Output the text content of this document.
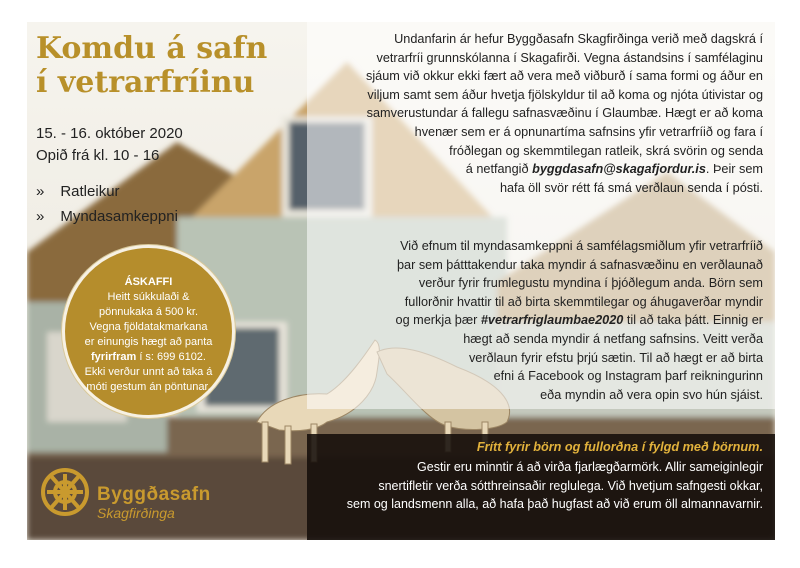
Komdu á safn
í vetrarfríinu
15. - 16. október 2020
Opið frá kl. 10 - 16
» Ratleikur
» Myndasamkeppni
ÁSKAFFI
Heitt súkkulaði &
pönnukaka á 500 kr.
Vegna fjöldatakmarkana
er einungis hægt að panta
fyrirfram í s: 699 6102.
Ekki verður unnt að taka á
móti gestum án pöntunar.

Undanfarin ár hefur Byggðasafn Skagfirðinga verið með dagskrá í
vetrarfríi grunnskólanna í Skagafirði. Vegna ástandsins í samfélaginu
sjáum við okkur ekki fært að vera með viðburð í sama formi og áður en
viljum samt sem áður hvetja fjölskyldur til að koma og njóta útivistar og
samverustundar á fallegu safnasvæðinu í Glaumbæ. Hægt er að koma
hvenær sem er á opnunartíma safnsins yfir vetrarfríið og fara í
fróðlegan og skemmtilegan ratleik, skrá svörin og senda
á netfangið byggdasafn@skagafjordur.is. Þeir sem
hafa öll svör rétt fá smá verðlaun senda í pósti.

Við efnum til myndasamkeppni á samfélagsmiðlum yfir vetrarfríið
þar sem þátttakendur taka myndir á safnasvæðinu en verðlaunað
verður fyrir frumlegustu myndina í þjóðlegum anda. Börn sem
fullorðnir hvattir til að birta skemmtilegar og áhugaverðar myndir
og merkja þær #vetrarfriglaumbae2020 til að taka þátt. Einnig er
hægt að senda myndir á netfang safnsins. Veitt verða
verðlaun fyrir efstu þrjú sætin. Til að hægt er að birta
efni á Facebook og Instagram þarf reikningurinn
eða myndin að vera opin svo hún sjáist.

Frítt fyrir börn og fullorðna í fylgd með börnum.

Gestir eru minntir á að virða fjarlægðarmörk. Allir sameiginlegir
snertifletir verða sótthreinsaðir reglulega. Við hvetjum safngesti okkar,
sem og landsmenn alla, að hafa það hugfast að við erum öll almannavarnir.

Byggðasafn
Skagfirðinga
